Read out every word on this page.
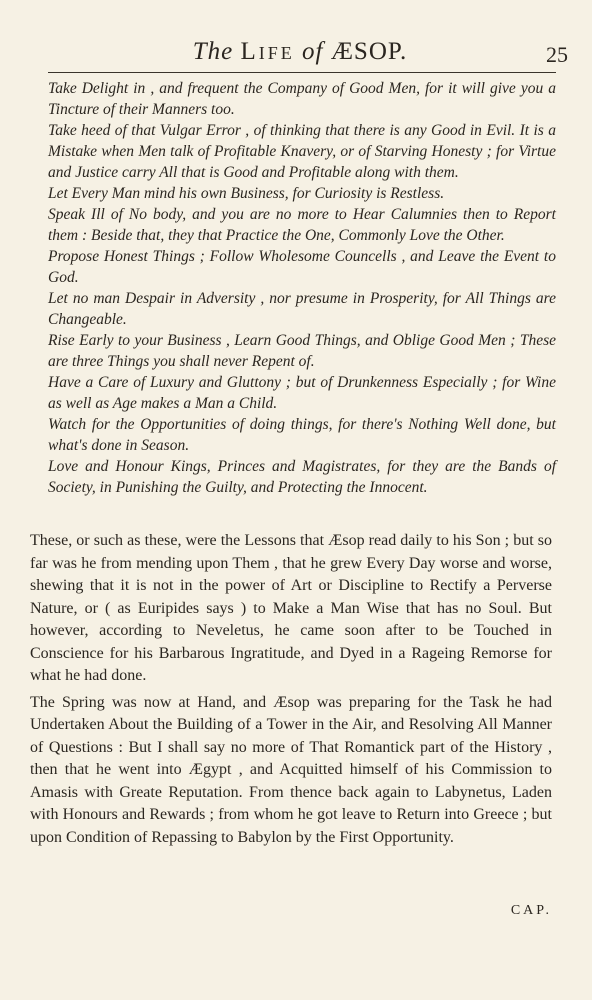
The Life of ÆSOP.	25

Take Delight in , and frequent the Company of Good Men, for it will give you a Tincture of their Manners too.

Take heed of that Vulgar Error , of thinking that there is any Good in Evil. It is a Mistake when Men talk of Profitable Knavery, or of Starving Honesty ; for Virtue and Justice carry All that is Good and Profitable along with them.

Let Every Man mind his own Business, for Curiosity is Restless.

Speak Ill of No body, and you are no more to Hear Calumnies then to Report them : Beside that, they that Practice the One, Commonly Love the Other.

Propose Honest Things ; Follow Wholesome Councells , and Leave the Event to God.

Let no man Despair in Adversity , nor presume in Prosperity, for All Things are Changeable.

Rise Early to your Business , Learn Good Things, and Oblige Good Men ; These are three Things you shall never Repent of.

Have a Care of Luxury and Gluttony ; but of Drunkenness Especially ; for Wine as well as Age makes a Man a Child.

Watch for the Opportunities of doing things, for there's Nothing Well done, but what's done in Season.

Love and Honour Kings, Princes and Magistrates, for they are the Bands of Society, in Punishing the Guilty, and Protecting the Innocent.

These, or such as these, were the Lessons that Æsop read daily to his Son ; but so far was he from mending upon Them , that he grew Every Day worse and worse, shewing that it is not in the power of Art or Discipline to Rectify a Perverse Nature, or ( as Euripides says ) to Make a Man Wise that has no Soul. But however, according to Neveletus, he came soon after to be Touched in Conscience for his Barbarous Ingratitude, and Dyed in a Rageing Remorse for what he had done.

The Spring was now at Hand, and Æsop was preparing for the Task he had Undertaken About the Building of a Tower in the Air, and Resolving All Manner of Questions : But I shall say no more of That Romantick part of the History , then that he went into Ægypt , and Acquitted himself of his Commission to Amasis with Greate Reputation. From thence back again to Labynetus, Laden with Honours and Rewards ; from whom he got leave to Return into Greece ; but upon Condition of Repassing to Babylon by the First Opportunity.

CAP.
